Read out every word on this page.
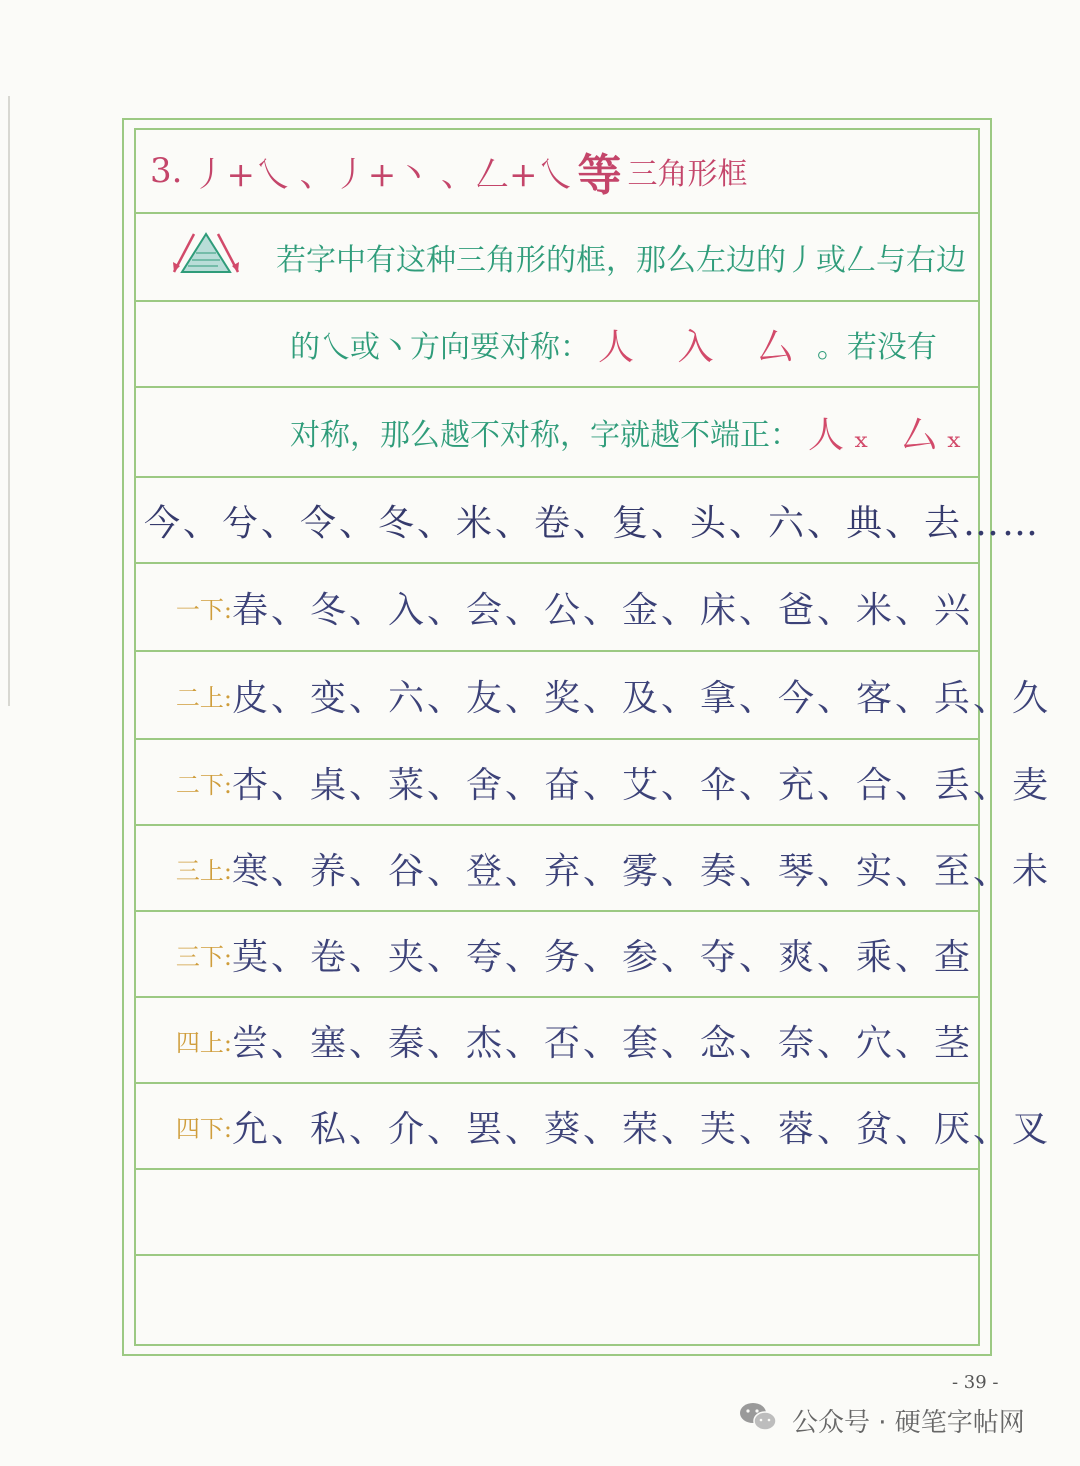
3. 丿+乀 、丿+丶 、𠃋+乀 等 三角形框
若字中有这种三角形的框，那么左边的丿或𠃋与右边
的乀或丶方向要对称： 人 入 厶 。若没有
对称，那么越不对称，字就越不端正： 人ₓ 厶ₓ
今、兮、令、冬、米、卷、复、头、六、典、去……
一下: 春、冬、入、会、公、金、床、爸、米、兴
二上: 皮、变、六、友、奖、及、拿、今、客、兵、久
二下: 杏、桌、菜、舍、奋、艾、伞、充、合、丢、麦
三上: 寒、养、谷、登、弃、雾、奏、琴、实、至、未
三下: 莫、卷、夹、夸、务、参、夺、爽、乘、查
四上: 尝、塞、秦、杰、否、套、念、奈、穴、茎
四下: 允、私、介、罢、葵、荣、芙、蓉、贫、厌、叉
- 39 -
公众号 · 硬笔字帖网
